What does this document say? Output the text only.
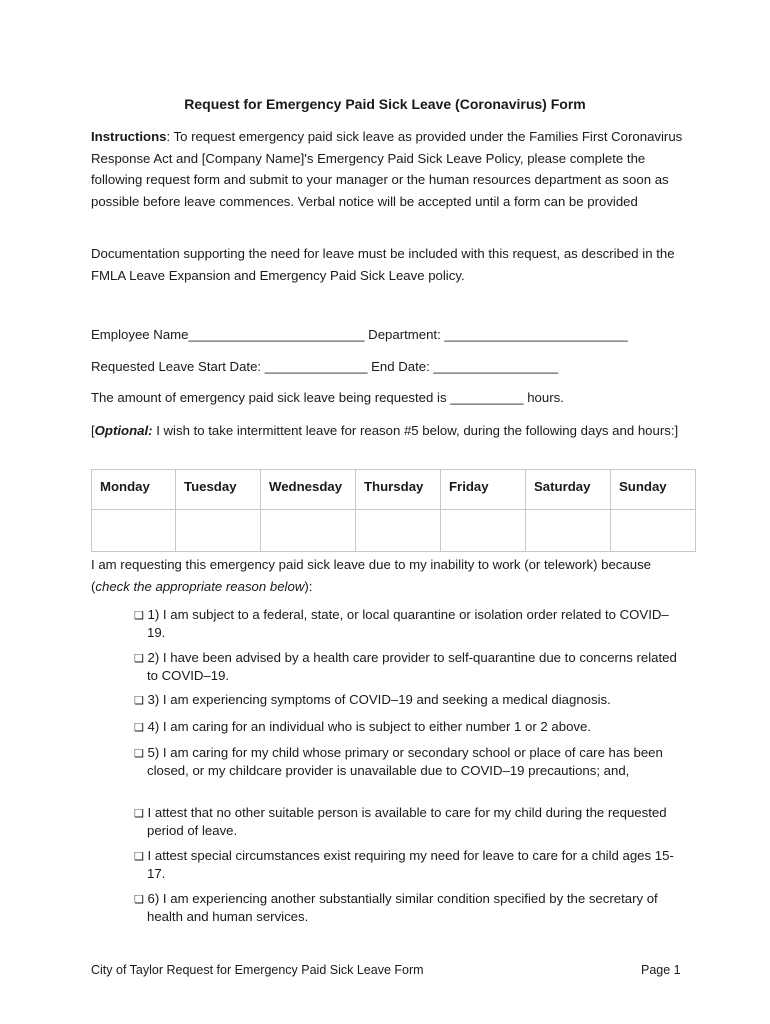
Request for Emergency Paid Sick Leave (Coronavirus) Form
Instructions: To request emergency paid sick leave as provided under the Families First Coronavirus Response Act and [Company Name]'s Emergency Paid Sick Leave Policy, please complete the following request form and submit to your manager or the human resources department as soon as possible before leave commences. Verbal notice will be accepted until a form can be provided
Documentation supporting the need for leave must be included with this request, as described in the FMLA Leave Expansion and Emergency Paid Sick Leave policy.
Employee Name________________________ Department: _________________________
Requested Leave Start Date: ______________ End Date: _________________
The amount of emergency paid sick leave being requested is __________ hours.
[Optional: I wish to take intermittent leave for reason #5 below, during the following days and hours:]
Monday	Tuesday	Wednesday	Thursday	Friday	Saturday	Sunday

I am requesting this emergency paid sick leave due to my inability to work (or telework) because (check the appropriate reason below):
❑ 1) I am subject to a federal, state, or local quarantine or isolation order related to COVID–19.
❑ 2) I have been advised by a health care provider to self-quarantine due to concerns related to COVID–19.
❑ 3) I am experiencing symptoms of COVID–19 and seeking a medical diagnosis.
❑ 4) I am caring for an individual who is subject to either number 1 or 2 above.
❑ 5) I am caring for my child whose primary or secondary school or place of care has been closed, or my childcare provider is unavailable due to COVID–19 precautions; and,
❑ I attest that no other suitable person is available to care for my child during the requested period of leave.
❑ I attest special circumstances exist requiring my need for leave to care for a child ages 15-17.
❑ 6) I am experiencing another substantially similar condition specified by the secretary of health and human services.
City of Taylor Request for Emergency Paid Sick Leave Form	Page 1
